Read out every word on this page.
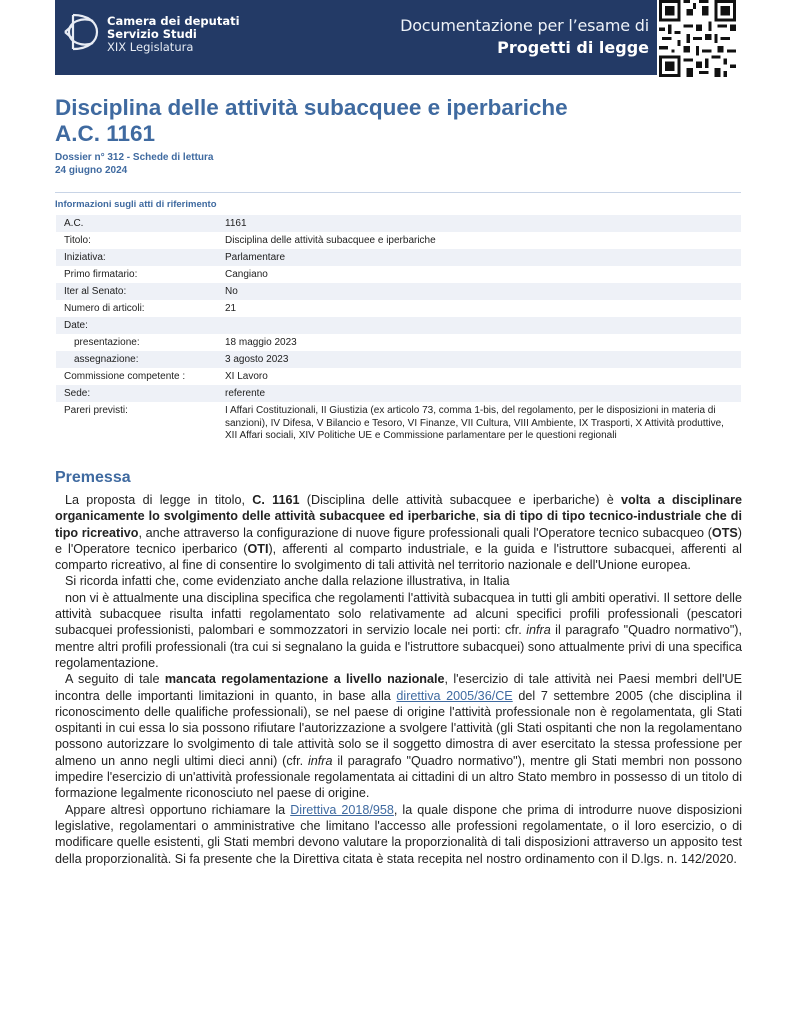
Camera dei deputati
Servizio Studi
XIX Legislatura
Documentazione per l’esame di
Progetti di legge
Disciplina delle attività subacquee e iperbariche
A.C. 1161
Dossier n° 312 - Schede di lettura
24 giugno 2024
Informazioni sugli atti di riferimento
A.C.	1161
Titolo:	Disciplina delle attività subacquee e iperbariche
Iniziativa:	Parlamentare
Primo firmatario:	Cangiano
Iter al Senato:	No
Numero di articoli:	21
Date:	
presentazione:	18 maggio 2023
assegnazione:	3 agosto 2023
Commissione competente :	XI Lavoro
Sede:	referente
Pareri previsti:	I Affari Costituzionali, II Giustizia (ex articolo 73, comma 1-bis, del regolamento, per le disposizioni in materia di sanzioni), IV Difesa, V Bilancio e Tesoro, VI Finanze, VII Cultura, VIII Ambiente, IX Trasporti, X Attività produttive, XII Affari sociali, XIV Politiche UE e Commissione parlamentare per le questioni regionali
Premessa

La proposta di legge in titolo, C. 1161 (Disciplina delle attività subacquee e iperbariche) è volta a disciplinare organicamente lo svolgimento delle attività subacquee ed iperbariche, sia di tipo di tipo tecnico-industriale che di tipo ricreativo, anche attraverso la configurazione di nuove figure professionali quali l'Operatore tecnico subacqueo (OTS) e l'Operatore tecnico iperbarico (OTI), afferenti al comparto industriale, e la guida e l'istruttore subacquei, afferenti al comparto ricreativo, al fine di consentire lo svolgimento di tali attività nel territorio nazionale e dell'Unione europea.

Si ricorda infatti che, come evidenziato anche dalla relazione illustrativa, in Italia

non vi è attualmente una disciplina specifica che regolamenti l'attività subacquea in tutti gli ambiti operativi. Il settore delle attività subacquee risulta infatti regolamentato solo relativamente ad alcuni specifici profili professionali (pescatori subacquei professionisti, palombari e sommozzatori in servizio locale nei porti: cfr. infra il paragrafo "Quadro normativo"), mentre altri profili professionali (tra cui si segnalano la guida e l'istruttore subacquei) sono attualmente privi di una specifica regolamentazione.

A seguito di tale mancata regolamentazione a livello nazionale, l'esercizio di tale attività nei Paesi membri dell'UE incontra delle importanti limitazioni in quanto, in base alla direttiva 2005/36/CE del 7 settembre 2005 (che disciplina il riconoscimento delle qualifiche professionali), se nel paese di origine l'attività professionale non è regolamentata, gli Stati ospitanti in cui essa lo sia possono rifiutare l'autorizzazione a svolgere l'attività (gli Stati ospitanti che non la regolamentano possono autorizzare lo svolgimento di tale attività solo se il soggetto dimostra di aver esercitato la stessa professione per almeno un anno negli ultimi dieci anni) (cfr. infra il paragrafo "Quadro normativo"), mentre gli Stati membri non possono impedire l'esercizio di un'attività professionale regolamentata ai cittadini di un altro Stato membro in possesso di un titolo di formazione legalmente riconosciuto nel paese di origine.

Appare altresì opportuno richiamare la Direttiva 2018/958, la quale dispone che prima di introdurre nuove disposizioni legislative, regolamentari o amministrative che limitano l'accesso alle professioni regolamentate, o il loro esercizio, o di modificare quelle esistenti, gli Stati membri devono valutare la proporzionalità di tali disposizioni attraverso un apposito test della proporzionalità. Si fa presente che la Direttiva citata è stata recepita nel nostro ordinamento con il D.lgs. n. 142/2020.
